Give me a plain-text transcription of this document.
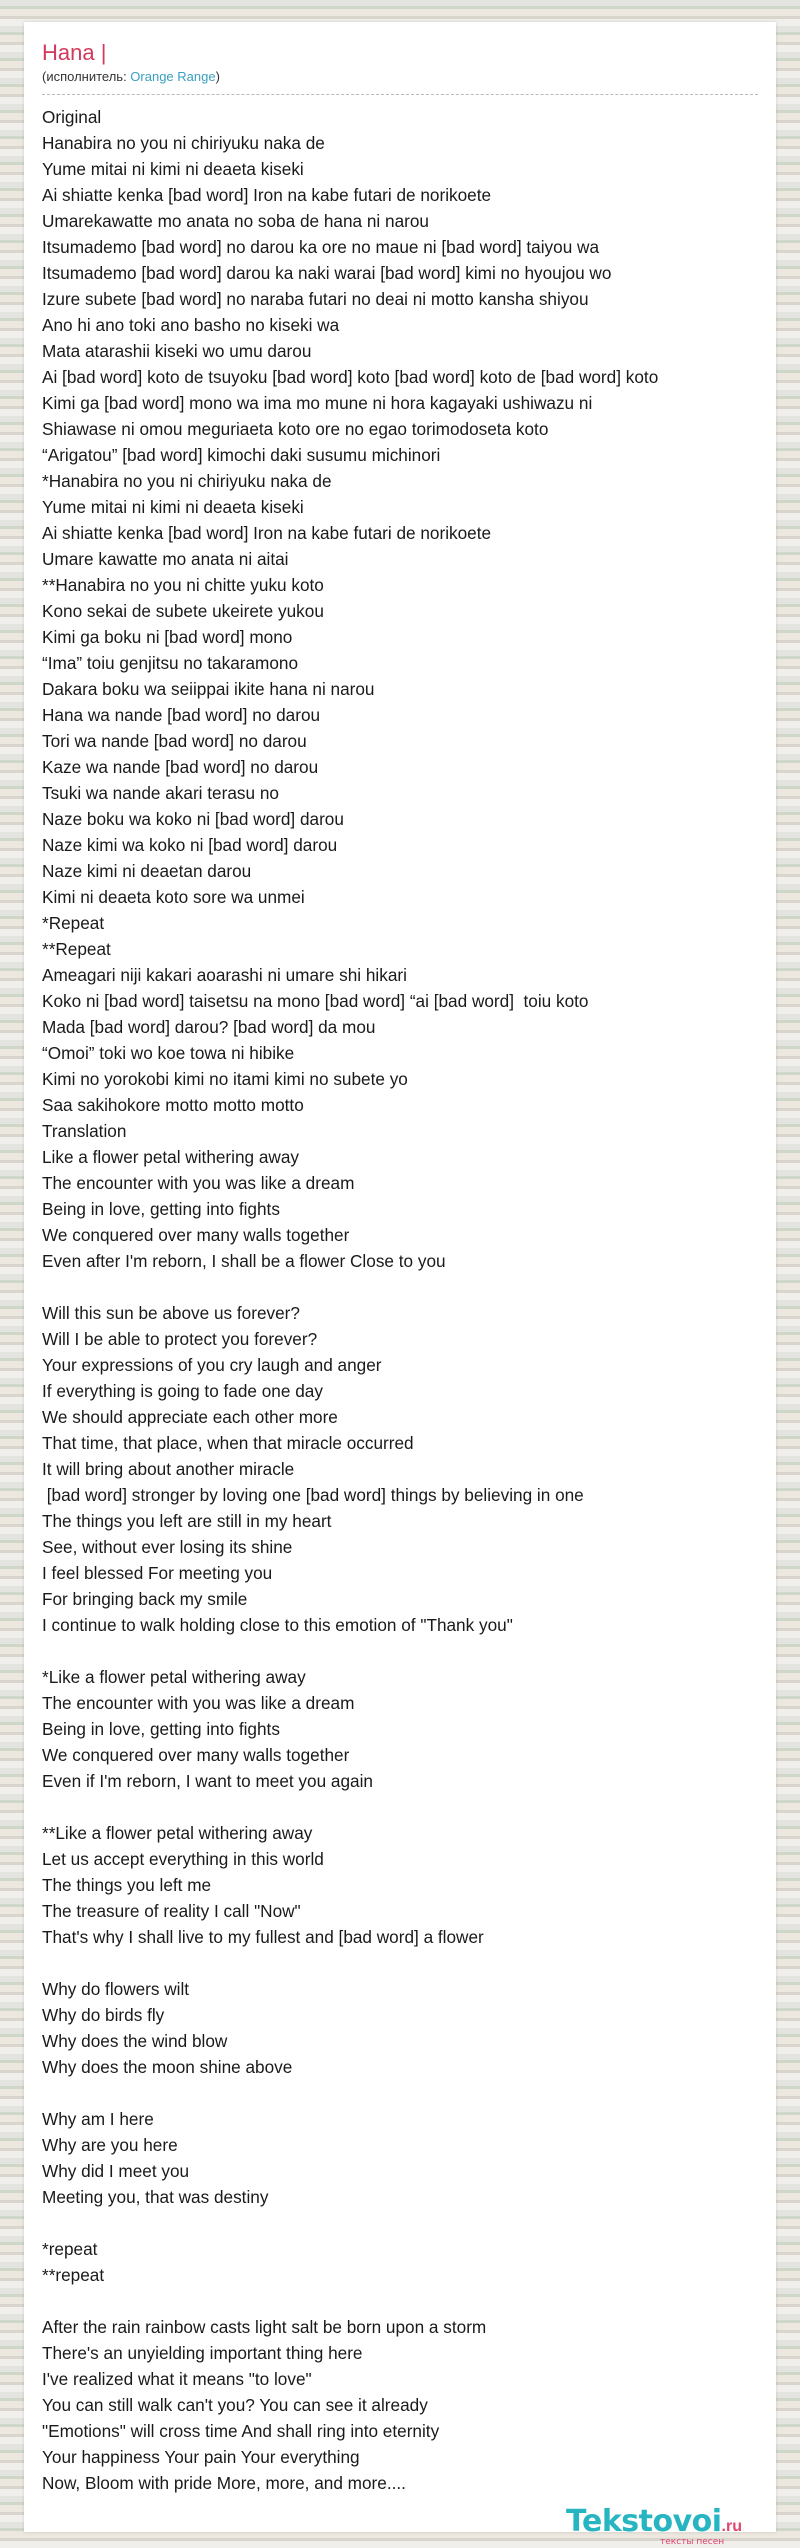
Hana |
(исполнитель: Orange Range)
Original
Hanabira no you ni chiriyuku naka de
Yume mitai ni kimi ni deaeta kiseki
Ai shiatte kenka [bad word] Iron na kabe futari de norikoete
Umarekawatte mo anata no soba de hana ni narou
Itsumademo [bad word] no darou ka ore no maue ni [bad word] taiyou wa
Itsumademo [bad word] darou ka naki warai [bad word] kimi no hyoujou wo
Izure subete [bad word] no naraba futari no deai ni motto kansha shiyou
Ano hi ano toki ano basho no kiseki wa
Mata atarashii kiseki wo umu darou
Ai [bad word] koto de tsuyoku [bad word] koto [bad word] koto de [bad word] koto
Kimi ga [bad word] mono wa ima mo mune ni hora kagayaki ushiwazu ni
Shiawase ni omou meguriaeta koto ore no egao torimodoseta koto
“Arigatou” [bad word] kimochi daki susumu michinori
*Hanabira no you ni chiriyuku naka de
Yume mitai ni kimi ni deaeta kiseki
Ai shiatte kenka [bad word] Iron na kabe futari de norikoete
Umare kawatte mo anata ni aitai
**Hanabira no you ni chitte yuku koto
Kono sekai de subete ukeirete yukou
Kimi ga boku ni [bad word] mono
“Ima” toiu genjitsu no takaramono
Dakara boku wa seiippai ikite hana ni narou
Hana wa nande [bad word] no darou
Tori wa nande [bad word] no darou
Kaze wa nande [bad word] no darou
Tsuki wa nande akari terasu no
Naze boku wa koko ni [bad word] darou
Naze kimi wa koko ni [bad word] darou
Naze kimi ni deaetan darou
Kimi ni deaeta koto sore wa unmei
*Repeat
**Repeat
Ameagari niji kakari aoarashi ni umare shi hikari
Koko ni [bad word] taisetsu na mono [bad word] “ai [bad word]  toiu koto
Mada [bad word] darou? [bad word] da mou
“Omoi” toki wo koe towa ni hibike
Kimi no yorokobi kimi no itami kimi no subete yo
Saa sakihokore motto motto motto
Translation
Like a flower petal withering away
The encounter with you was like a dream
Being in love, getting into fights
We conquered over many walls together
Even after I'm reborn, I shall be a flower Close to you
Will this sun be above us forever?
Will I be able to protect you forever?
Your expressions of you cry laugh and anger
If everything is going to fade one day
We should appreciate each other more
That time, that place, when that miracle occurred
It will bring about another miracle
[bad word] stronger by loving one [bad word] things by believing in one
The things you left are still in my heart
See, without ever losing its shine
I feel blessed For meeting you
For bringing back my smile
I continue to walk holding close to this emotion of "Thank you"
*Like a flower petal withering away
The encounter with you was like a dream
Being in love, getting into fights
We conquered over many walls together
Even if I'm reborn, I want to meet you again
**Like a flower petal withering away
Let us accept everything in this world
The things you left me
The treasure of reality I call "Now"
That's why I shall live to my fullest and [bad word] a flower
Why do flowers wilt
Why do birds fly
Why does the wind blow
Why does the moon shine above
Why am I here
Why are you here
Why did I meet you
Meeting you, that was destiny
*repeat
**repeat
After the rain rainbow casts light salt be born upon a storm
There's an unyielding important thing here
I've realized what it means "to love"
You can still walk can't you? You can see it already
"Emotions" will cross time And shall ring into eternity
Your happiness Your pain Your everything
Now, Bloom with pride More, more, and more....
Tekstovoi.ru
тексты песен
